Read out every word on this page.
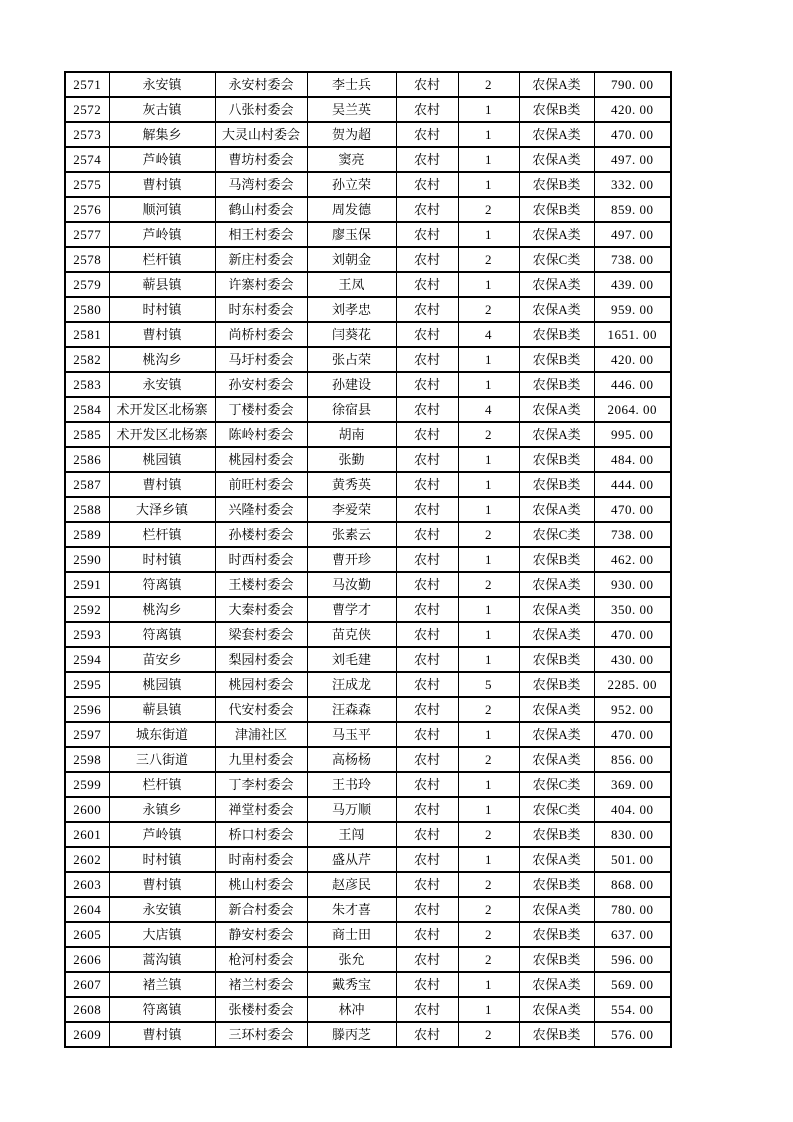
2571	永安镇	永安村委会	李士兵	农村	2	农保A类	790. 00
2572	灰古镇	八张村委会	吴兰英	农村	1	农保B类	420. 00
2573	解集乡	大灵山村委会	贺为超	农村	1	农保A类	470. 00
2574	芦岭镇	曹坊村委会	窦亮	农村	1	农保A类	497. 00
2575	曹村镇	马湾村委会	孙立荣	农村	1	农保B类	332. 00
2576	顺河镇	鹤山村委会	周发德	农村	2	农保B类	859. 00
2577	芦岭镇	相王村委会	廖玉保	农村	1	农保A类	497. 00
2578	栏杆镇	新庄村委会	刘朝金	农村	2	农保C类	738. 00
2579	蕲县镇	许寨村委会	王凤	农村	1	农保A类	439. 00
2580	时村镇	时东村委会	刘孝忠	农村	2	农保A类	959. 00
2581	曹村镇	尚桥村委会	闫葵花	农村	4	农保B类	1651. 00
2582	桃沟乡	马圩村委会	张占荣	农村	1	农保B类	420. 00
2583	永安镇	孙安村委会	孙建设	农村	1	农保B类	446. 00
2584	术开发区北杨寨	丁楼村委会	徐宿县	农村	4	农保A类	2064. 00
2585	术开发区北杨寨	陈岭村委会	胡南	农村	2	农保A类	995. 00
2586	桃园镇	桃园村委会	张勤	农村	1	农保B类	484. 00
2587	曹村镇	前旺村委会	黄秀英	农村	1	农保B类	444. 00
2588	大泽乡镇	兴隆村委会	李爱荣	农村	1	农保A类	470. 00
2589	栏杆镇	孙楼村委会	张素云	农村	2	农保C类	738. 00
2590	时村镇	时西村委会	曹开珍	农村	1	农保B类	462. 00
2591	符离镇	王楼村委会	马汝勤	农村	2	农保A类	930. 00
2592	桃沟乡	大秦村委会	曹学才	农村	1	农保A类	350. 00
2593	符离镇	梁套村委会	苗克侠	农村	1	农保A类	470. 00
2594	苗安乡	梨园村委会	刘毛建	农村	1	农保B类	430. 00
2595	桃园镇	桃园村委会	汪成龙	农村	5	农保B类	2285. 00
2596	蕲县镇	代安村委会	汪森森	农村	2	农保A类	952. 00
2597	城东街道	津浦社区	马玉平	农村	1	农保A类	470. 00
2598	三八街道	九里村委会	高杨杨	农村	2	农保A类	856. 00
2599	栏杆镇	丁李村委会	王书玲	农村	1	农保C类	369. 00
2600	永镇乡	禅堂村委会	马万顺	农村	1	农保C类	404. 00
2601	芦岭镇	桥口村委会	王闯	农村	2	农保B类	830. 00
2602	时村镇	时南村委会	盛从芹	农村	1	农保A类	501. 00
2603	曹村镇	桃山村委会	赵彦民	农村	2	农保B类	868. 00
2604	永安镇	新合村委会	朱才喜	农村	2	农保A类	780. 00
2605	大店镇	静安村委会	商士田	农村	2	农保B类	637. 00
2606	蒿沟镇	枪河村委会	张允	农村	2	农保B类	596. 00
2607	褚兰镇	褚兰村委会	戴秀宝	农村	1	农保A类	569. 00
2608	符离镇	张楼村委会	林冲	农村	1	农保A类	554. 00
2609	曹村镇	三环村委会	滕丙芝	农村	2	农保B类	576. 00
